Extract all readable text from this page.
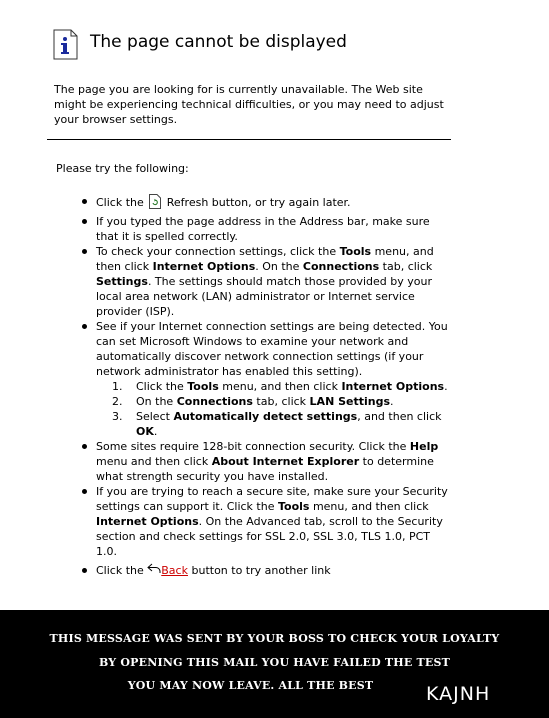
The page cannot be displayed
The page you are looking for is currently unavailable. The Web site might be experiencing technical difficulties, or you may need to adjust your browser settings.
Please try the following:
Click the Refresh button, or try again later.
If you typed the page address in the Address bar, make sure that it is spelled correctly.
To check your connection settings, click the Tools menu, and then click Internet Options. On the Connections tab, click Settings. The settings should match those provided by your local area network (LAN) administrator or Internet service provider (ISP).
See if your Internet connection settings are being detected. You can set Microsoft Windows to examine your network and automatically discover network connection settings (if your network administrator has enabled this setting).
1. Click the Tools menu, and then click Internet Options.
2. On the Connections tab, click LAN Settings.
3. Select Automatically detect settings, and then click OK.
Some sites require 128-bit connection security. Click the Help menu and then click About Internet Explorer to determine what strength security you have installed.
If you are trying to reach a secure site, make sure your Security settings can support it. Click the Tools menu, and then click Internet Options. On the Advanced tab, scroll to the Security section and check settings for SSL 2.0, SSL 3.0, TLS 1.0, PCT 1.0.
Click the Back button to try another link
THIS MESSAGE WAS SENT BY YOUR BOSS TO CHECK YOUR LOYALTY
BY OPENING THIS MAIL YOU HAVE FAILED THE TEST
YOU MAY NOW LEAVE. ALL THE BEST	KAJNH
